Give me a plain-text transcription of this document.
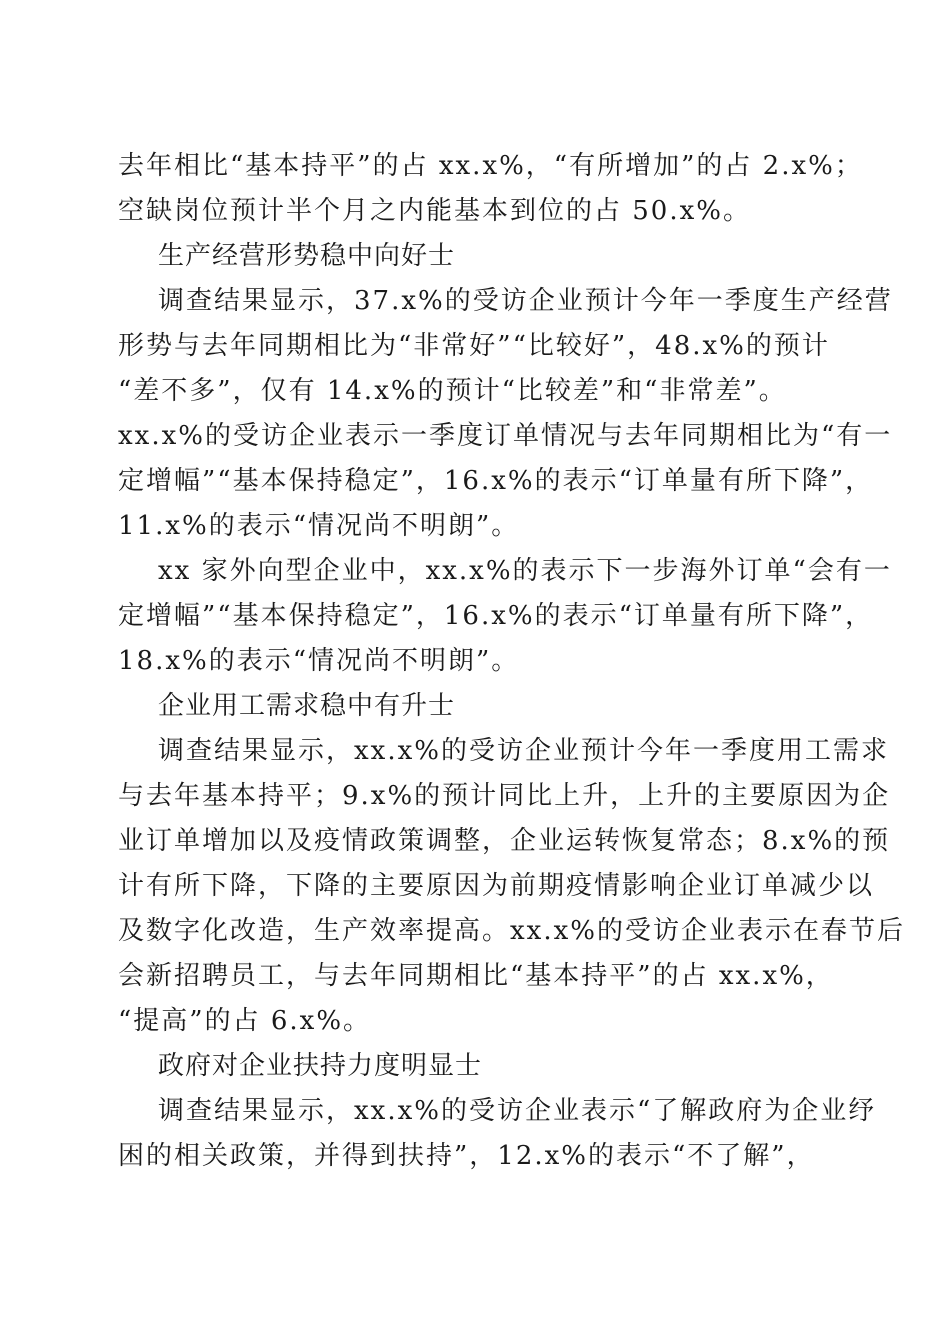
去年相比“基本持平”的占 xx.x%，“有所增加”的占 2.x%；
空缺岗位预计半个月之内能基本到位的占 50.x%。
生产经营形势稳中向好士
调查结果显示，37.x%的受访企业预计今年一季度生产经营
形势与去年同期相比为“非常好”“比较好”，48.x%的预计
“差不多”，仅有 14.x%的预计“比较差”和“非常差”。
xx.x%的受访企业表示一季度订单情况与去年同期相比为“有一
定增幅”“基本保持稳定”，16.x%的表示“订单量有所下降”，
11.x%的表示“情况尚不明朗”。
xx 家外向型企业中，xx.x%的表示下一步海外订单“会有一
定增幅”“基本保持稳定”，16.x%的表示“订单量有所下降”，
18.x%的表示“情况尚不明朗”。
企业用工需求稳中有升士
调查结果显示，xx.x%的受访企业预计今年一季度用工需求
与去年基本持平；9.x%的预计同比上升，上升的主要原因为企
业订单增加以及疫情政策调整，企业运转恢复常态；8.x%的预
计有所下降，下降的主要原因为前期疫情影响企业订单减少以
及数字化改造，生产效率提高。xx.x%的受访企业表示在春节后
会新招聘员工，与去年同期相比“基本持平”的占 xx.x%，
“提高”的占 6.x%。
政府对企业扶持力度明显士
调查结果显示，xx.x%的受访企业表示“了解政府为企业纾
困的相关政策，并得到扶持”，12.x%的表示“不了解”，
